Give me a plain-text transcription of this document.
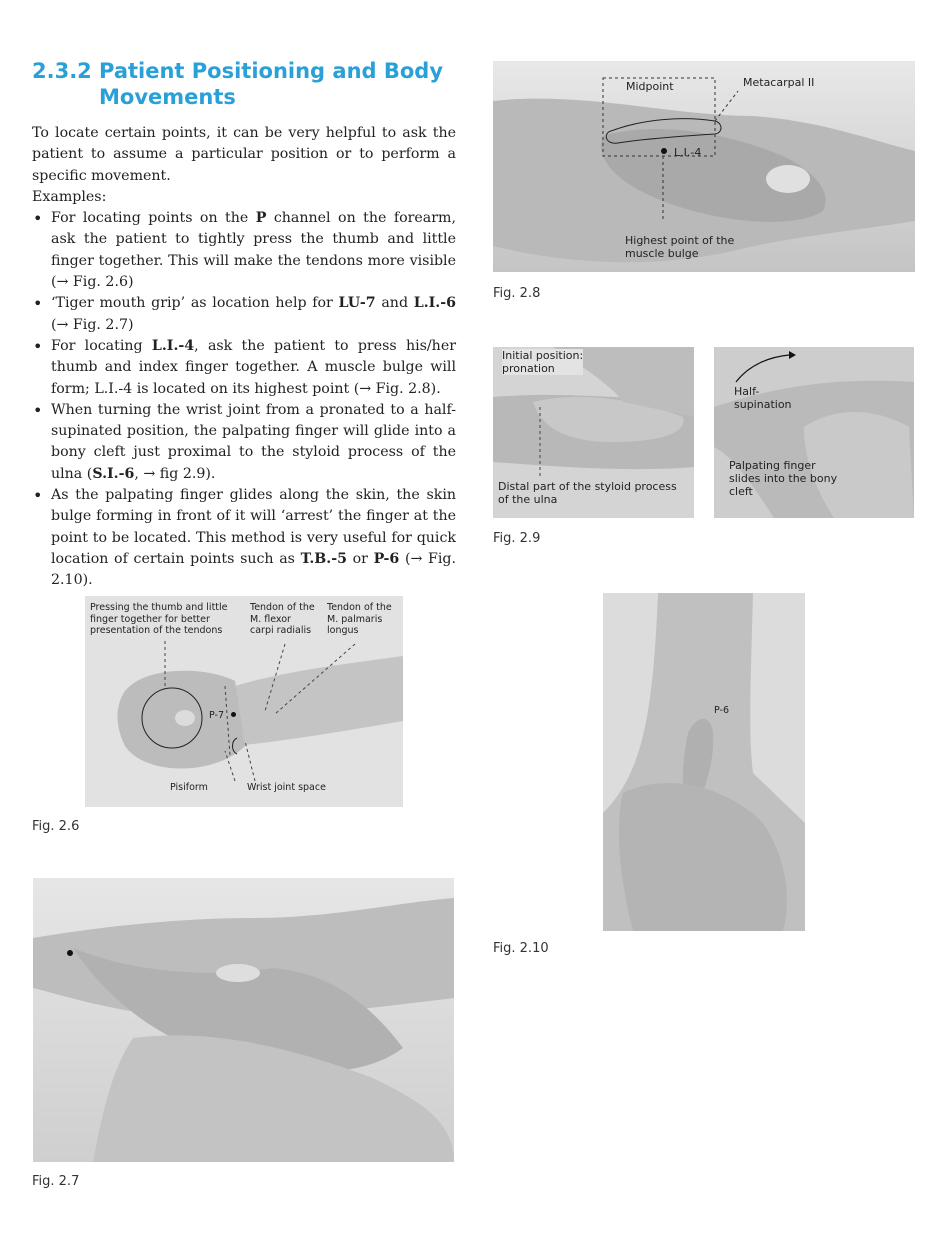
2.3.2 Patient Positioning and Body
Movements

To locate certain points, it can be very helpful to ask the patient to assume a particular position or to perform a specific movement.

Examples:

• For locating points on the P channel on the forearm, ask the patient to tightly press the thumb and little finger together. This will make the tendons more visible (→ Fig. 2.6)
• ‘Tiger mouth grip’ as location help for LU-7 and L.I.-6 (→ Fig. 2.7)
• For locating L.I.-4, ask the patient to press his/her thumb and index finger together. A muscle bulge will form; L.I.-4 is located on its highest point (→ Fig. 2.8).
• When turning the wrist joint from a pronated to a half-supinated position, the palpating finger will glide into a bony cleft just proximal to the styloid process of the ulna (S.I.-6, → fig 2.9).
• As the palpating finger glides along the skin, the skin bulge forming in front of it will ‘arrest’ the finger at the point to be located. This method is very useful for quick location of certain points such as T.B.-5 or P-6 (→ Fig. 2.10).
Midpoint	Metacarpal II
L.I.-4
Highest point of the
muscle bulge
Fig. 2.8
Initial position:
pronation
Distal part of the styloid process
of the ulna
Half-
supination
Palpating finger
slides into the bony
cleft
Fig. 2.9
Pressing the thumb and little
finger together for better
presentation of the tendons
Tendon of the
M. flexor
carpi radialis
Tendon of the
M. palmaris
longus
P-7
Pisiform	Wrist joint space
Fig. 2.6
P-6
Fig. 2.10
Fig. 2.7
